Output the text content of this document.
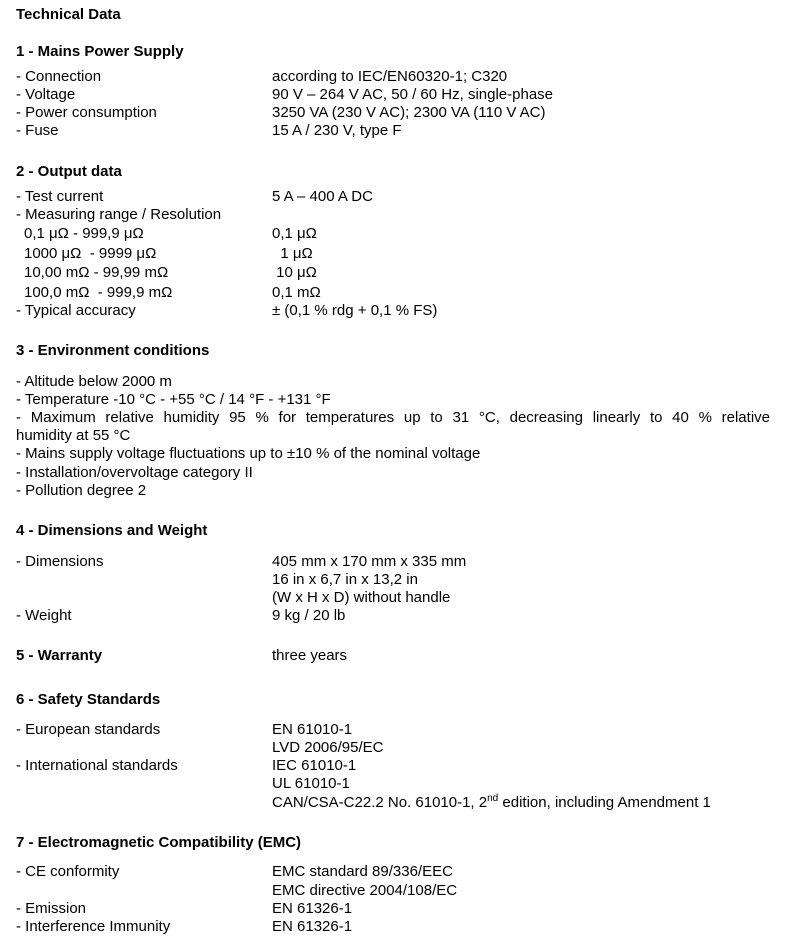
Technical Data
1 - Mains Power Supply
- Connection	according to IEC/EN60320-1; C320
- Voltage	90 V – 264 V AC, 50 / 60 Hz, single-phase
- Power consumption	3250 VA (230 V AC); 2300 VA (110 V AC)
- Fuse	15 A / 230 V, type F
2 - Output data
- Test current	5 A – 400 A DC
- Measuring range / Resolution
0,1 μΩ - 999,9 μΩ	0,1 μΩ
1000 μΩ  - 9999 μΩ	1 μΩ
10,00 mΩ - 99,99 mΩ	10 μΩ
100,0 mΩ  - 999,9 mΩ	0,1 mΩ
- Typical accuracy	± (0,1 % rdg + 0,1 % FS)
3 - Environment conditions
- Altitude below 2000 m
- Temperature -10 °C - +55 °C / 14 °F - +131 °F
- Maximum relative humidity 95 % for temperatures up to 31 °C, decreasing linearly to 40 % relative
humidity at 55 °C
- Mains supply voltage fluctuations up to ±10 % of the nominal voltage
- Installation/overvoltage category II
- Pollution degree 2
4 - Dimensions and Weight
- Dimensions	405 mm x 170 mm x 335 mm
16 in x 6,7 in x 13,2 in
(W x H x D) without handle
- Weight	9 kg / 20 lb
5 - Warranty	three years
6 - Safety Standards
- European standards	EN 61010-1
LVD 2006/95/EC
- International standards	IEC 61010-1
UL 61010-1
CAN/CSA-C22.2 No. 61010-1, 2nd edition, including Amendment 1
7 - Electromagnetic Compatibility (EMC)
- CE conformity	EMC standard 89/336/EEC
EMC directive 2004/108/EC
- Emission	EN 61326-1
- Interference Immunity	EN 61326-1
